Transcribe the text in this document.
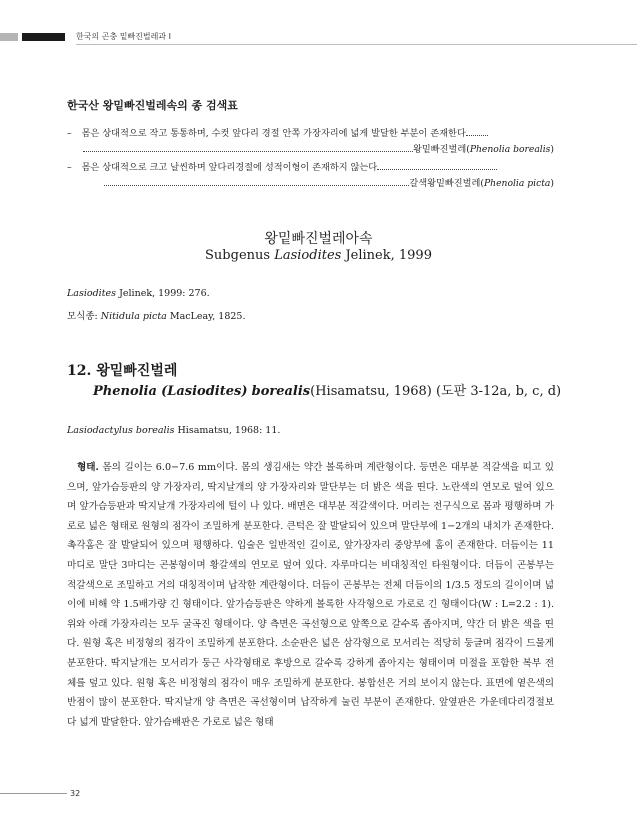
한국의 곤충 밑빠진벌레과 I
한국산 왕밑빠진벌레속의 종 검색표
– 몸은 상대적으로 작고 통통하며, 수컷 앞다리 경절 안쪽 가장자리에 넓게 발달한 부분이 존재한다
왕밑빠진벌레(Phenolia borealis)
– 몸은 상대적으로 크고 날씬하며 앞다리경절에 성적이형이 존재하지 않는다
갈색왕밑빠진벌레(Phenolia picta)
왕밑빠진벌레아속
Subgenus Lasiodites Jelinek, 1999
Lasiodites Jelinek, 1999: 276.
모식종: Nitidula picta MacLeay, 1825.
12. 왕밑빠진벌레
Phenolia (Lasiodites) borealis(Hisamatsu, 1968) (도판 3-12a, b, c, d)
Lasiodactylus borealis Hisamatsu, 1968: 11.
형태. 몸의 길이는 6.0−7.6 mm이다. 몸의 생김새는 약간 볼록하며 계란형이다. 등면은 대부분 적갈색을 띠고 있으며, 앞가슴등판의 양 가장자리, 딱지날개의 양 가장자리와 말단부는 더 밝은 색을 띤다. 노란색의 연모로 덮여 있으며 앞가슴등판과 딱지날개 가장자리에 털이 나 있다. 배면은 대부분 적갈색이다. 머리는 전구식으로 몸과 평행하며 가로로 넓은 형태로 원형의 점각이 조밀하게 분포한다. 큰턱은 잘 발달되어 있으며 말단부에 1−2개의 내치가 존재한다. 촉각홈은 잘 발달되어 있으며 평행하다. 입술은 일반적인 길이로, 앞가장자리 중앙부에 홈이 존재한다. 더듬이는 11마디로 말단 3마디는 곤봉형이며 황갈색의 연모로 덮여 있다. 자루마디는 비대칭적인 타원형이다. 더듬이 곤봉부는 적갈색으로 조밀하고 거의 대칭적이며 납작한 계란형이다. 더듬이 곤봉부는 전체 더듬이의 1/3.5 정도의 길이이며 넓이에 비해 약 1.5배가량 긴 형태이다. 앞가슴등판은 약하게 볼록한 사각형으로 가로로 긴 형태이다(W : L=2.2 : 1). 위와 아래 가장자리는 모두 굴곡진 형태이다. 양 측면은 곡선형으로 앞쪽으로 갈수록 좁아지며, 약간 더 밝은 색을 띤다. 원형 혹은 비정형의 점각이 조밀하게 분포한다. 소순판은 넓은 삼각형으로 모서리는 적당히 둥글며 점각이 드물게 분포한다. 딱지날개는 모서리가 둥근 사각형태로 후방으로 갈수록 강하게 좁아지는 형태이며 미절을 포함한 복부 전체를 덮고 있다. 원형 혹은 비정형의 점각이 매우 조밀하게 분포한다. 봉합선은 거의 보이지 않는다. 표면에 옅은색의 반점이 많이 분포한다. 딱지날개 양 측면은 곡선형이며 납작하게 눌린 부분이 존재한다. 앞옆판은 가운데다리경절보다 넓게 발달한다. 앞가슴배판은 가로로 넓은 형태
32
